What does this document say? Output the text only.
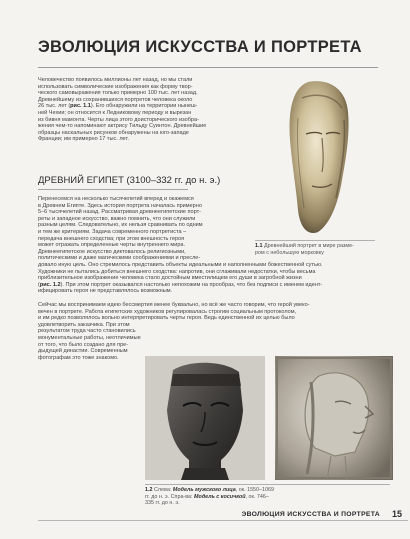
ЭВОЛЮЦИЯ ИСКУССТВА И ПОРТРЕТА
Человечество появилось миллионы лет назад, но мы стали
использовать символические изображения как форму твор-
ческого самовыражения только примерно 100 тыс. лет назад.
Древнейшему из сохранившихся портретов человека около
26 тыс. лет (рис. 1.1). Его обнаружили на территории нынеш-
ней Чехии; он относится к Ледниковому периоду и вырезан
из бивня мамонта. Черты лица этого доисторического изобра-
жения чем-то напоминают актрису Тильду Суинтон. Древнейшие
образцы наскальных рисунков обнаружены на юго-западе
Франции; им примерно 17 тыс. лет.
ДРЕВНИЙ ЕГИПЕТ (3100–332 гг. до н. э.)
Перенесемся на несколько тысячелетий вперед и окажемся
в Древнем Египте. Здесь история портрета началась примерно
5–6 тысячелетий назад. Рассматривая древнеегипетские порт-
реты и западное искусство, важно помнить, что они служили
разным целям. Следовательно, их нельзя сравнивать по одним
и тем же критериям. Задача современного портретиста –
передача внешнего сходства; при этом внешность героя
может отражать определенные черты внутреннего мира.
Древнеегипетское искусство диктовалось религиозными,
политическими и даже магическими соображениями и пресле-
довало иную цель. Оно стремилось представить объекты идеальными и наполненными божественной сутью.
Художники не пытались добиться внешнего сходства: напротив, они сглаживали недостатки, чтобы весьма
приблизительное изображение человека стало достойным вместилищем его души в загробной жизни
(рис. 1.2). При этом портрет оказывался настолько непохожим на прообраз, что без подписи с именем идент-
ифицировать героя не представлялось возможным.
Сейчас мы воспринимаем идею бессмертия менее буквально, но всё же часто говорим, что герой увеко-
вечен в портрете. Работа египетских художников регулировалась строгим социальным протоколом,
и им редко позволялось вольно интерпретировать черты героя. Ведь единственной их целью было
удовлетворить заказчика. При этом
результатом труда часто становились
монументальные работы, неотличимые
от того, что было создано для пре-
дыдущей династии. Современным
фотографам это тоже знакомо.
1.1 Древнейший портрет в мире разме-
ром с небольшую морковку
1.2 Слева: Модель мужского лица, ок. 1550–1069 гг. до н. э. Спра-ва: Модель с косичкой, ок. 746–335 гг. до н. э.
ЭВОЛЮЦИЯ ИСКУССТВА И ПОРТРЕТА 15
